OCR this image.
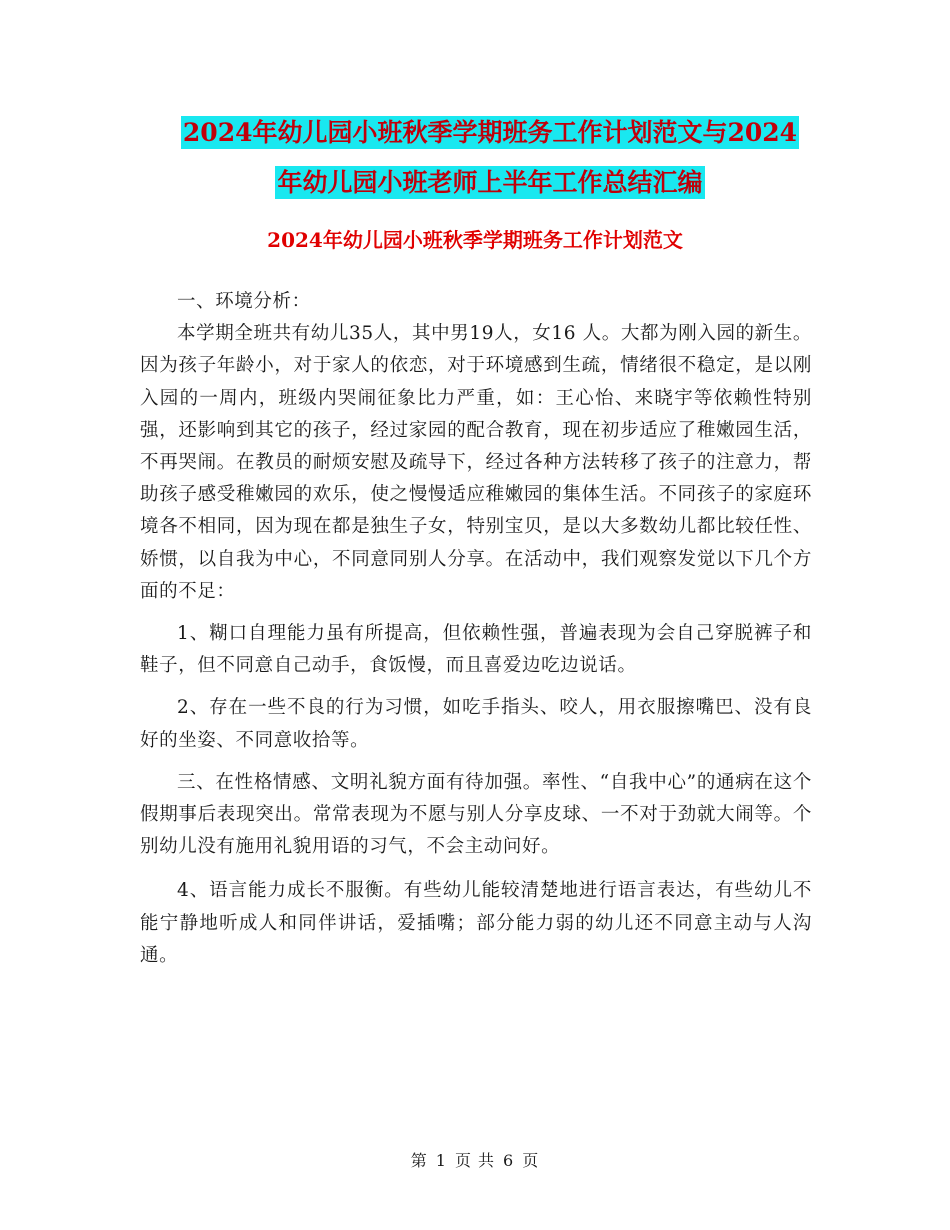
2024年幼儿园小班秋季学期班务工作计划范文与2024
年幼儿园小班老师上半年工作总结汇编
2024年幼儿园小班秋季学期班务工作计划范文

一、环境分析：

本学期全班共有幼儿35人，其中男19人，女16 人。大都为刚入园的新生。因为孩子年龄小，对于家人的依恋，对于环境感到生疏，情绪很不稳定，是以刚入园的一周内，班级内哭闹征象比力严重，如：王心怡、来晓宇等依赖性特别强，还影响到其它的孩子，经过家园的配合教育，现在初步适应了稚嫩园生活，不再哭闹。在教员的耐烦安慰及疏导下，经过各种方法转移了孩子的注意力，帮助孩子感受稚嫩园的欢乐，使之慢慢适应稚嫩园的集体生活。不同孩子的家庭环境各不相同，因为现在都是独生子女，特别宝贝，是以大多数幼儿都比较任性、娇惯，以自我为中心，不同意同别人分享。在活动中，我们观察发觉以下几个方面的不足：

1、糊口自理能力虽有所提高，但依赖性强，普遍表现为会自己穿脱裤子和鞋子，但不同意自己动手，食饭慢，而且喜爱边吃边说话。

2、存在一些不良的行为习惯，如吃手指头、咬人，用衣服擦嘴巴、没有良好的坐姿、不同意收拾等。

三、在性格情感、文明礼貌方面有待加强。率性、“自我中心”的通病在这个假期事后表现突出。常常表现为不愿与别人分享皮球、一不对于劲就大闹等。个别幼儿没有施用礼貌用语的习气，不会主动问好。

4、语言能力成长不服衡。有些幼儿能较清楚地进行语言表达，有些幼儿不能宁静地听成人和同伴讲话，爱插嘴；部分能力弱的幼儿还不同意主动与人沟通。

第 1 页 共 6 页
